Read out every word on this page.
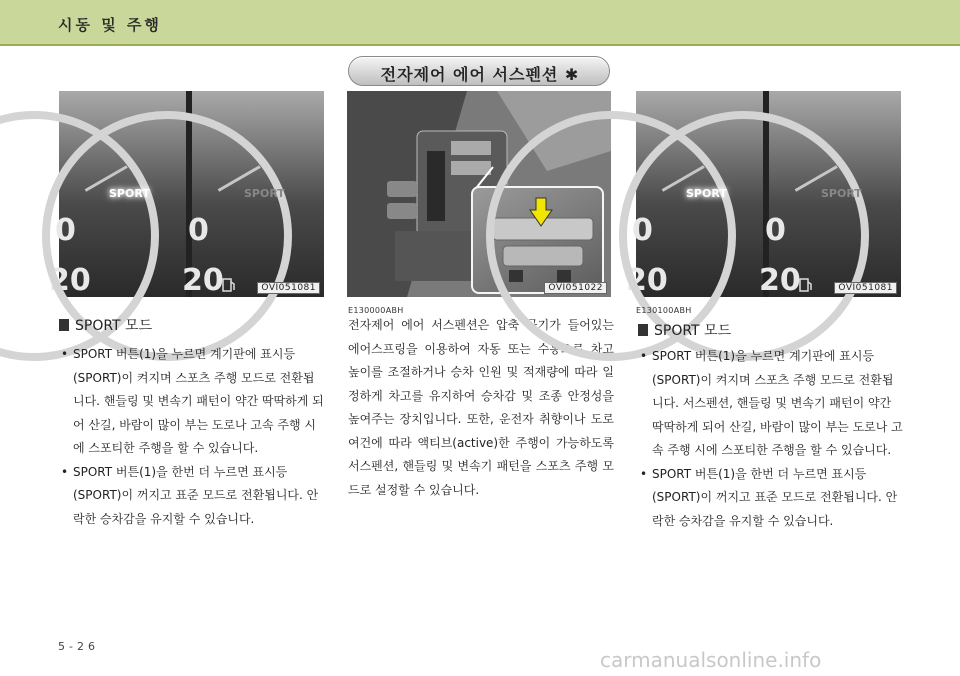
시동 및 주행
전자제어 에어 서스펜션 ✱
SPORT
0
20
SPORT
0
20	OVI051081
SPORT 모드
• SPORT 버튼(1)을 누르면 계기판에 표시등(SPORT)이 켜지며 스포츠 주행 모드로 전환됩니다. 핸들링 및 변속기 패턴이 약간 딱딱하게 되어 산길, 바람이 많이 부는 도로나 고속 주행 시에 스포티한 주행을 할 수 있습니다.
• SPORT 버튼(1)을 한번 더 누르면 표시등(SPORT)이 꺼지고 표준 모드로 전환됩니다. 안락한 승차감을 유지할 수 있습니다.
OVI051022
E130000ABH

전자제어 에어 서스펜션은 압축 공기가 들어있는 에어스프링을 이용하여 자동 또는 수동으로 차고 높이를 조절하거나 승차 인원 및 적재량에 따라 일정하게 차고를 유지하여 승차감 및 조종 안정성을 높여주는 장치입니다. 또한, 운전자 취향이나 도로 여건에 따라 액티브(active)한 주행이 가능하도록 서스펜션, 핸들링 및 변속기 패턴을 스포츠 주행 모드로 설정할 수 있습니다.

SPORT
0
20
SPORT
0
20	OVI051081
E130100ABH
SPORT 모드
• SPORT 버튼(1)을 누르면 계기판에 표시등(SPORT)이 켜지며 스포츠 주행 모드로 전환됩니다. 서스펜션, 핸들링 및 변속기 패턴이 약간 딱딱하게 되어 산길, 바람이 많이 부는 도로나 고속 주행 시에 스포티한 주행을 할 수 있습니다.
• SPORT 버튼(1)을 한번 더 누르면 표시등(SPORT)이 꺼지고 표준 모드로 전환됩니다. 안락한 승차감을 유지할 수 있습니다.
5-26
carmanualsonline.info
